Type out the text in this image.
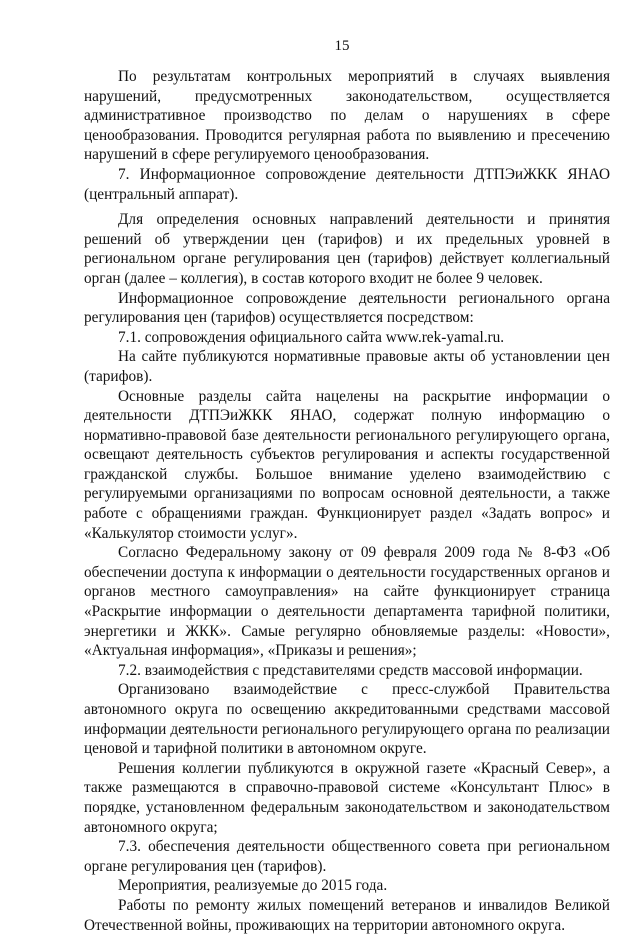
15

По результатам контрольных мероприятий в случаях выявления нарушений, предусмотренных законодательством, осуществляется административное производство по делам о нарушениях в сфере ценообразования. Проводится регулярная работа по выявлению и пресечению нарушений в сфере регулируемого ценообразования.

7. Информационное сопровождение деятельности ДТПЭиЖКК ЯНАО (центральный аппарат).

Для определения основных направлений деятельности и принятия решений об утверждении цен (тарифов) и их предельных уровней в региональном органе регулирования цен (тарифов) действует коллегиальный орган (далее – коллегия), в состав которого входит не более 9 человек.

Информационное сопровождение деятельности регионального органа регулирования цен (тарифов) осуществляется посредством:

7.1. сопровождения официального сайта www.rek-yamal.ru.

На сайте публикуются нормативные правовые акты об установлении цен (тарифов).

Основные разделы сайта нацелены на раскрытие информации о деятельности ДТПЭиЖКК ЯНАО, содержат полную информацию о нормативно-правовой базе деятельности регионального регулирующего органа, освещают деятельность субъектов регулирования и аспекты государственной гражданской службы. Большое внимание уделено взаимодействию с регулируемыми организациями по вопросам основной деятельности, а также работе с обращениями граждан. Функционирует раздел «Задать вопрос» и «Калькулятор стоимости услуг».

Согласно Федеральному закону от 09 февраля 2009 года № 8-ФЗ «Об обеспечении доступа к информации о деятельности государственных органов и органов местного самоуправления» на сайте функционирует страница «Раскрытие информации о деятельности департамента тарифной политики, энергетики и ЖКК». Самые регулярно обновляемые разделы: «Новости», «Актуальная информация», «Приказы и решения»;

7.2. взаимодействия с представителями средств массовой информации.

Организовано взаимодействие с пресс-службой Правительства автономного округа по освещению аккредитованными средствами массовой информации деятельности регионального регулирующего органа по реализации ценовой и тарифной политики в автономном округе.

Решения коллегии публикуются в окружной газете «Красный Север», а также размещаются в справочно-правовой системе «Консультант Плюс» в порядке, установленном федеральным законодательством и законодательством автономного округа;

7.3. обеспечения деятельности общественного совета при региональном органе регулирования цен (тарифов).

Мероприятия, реализуемые до 2015 года.

Работы по ремонту жилых помещений ветеранов и инвалидов Великой Отечественной войны, проживающих на территории автономного округа.
